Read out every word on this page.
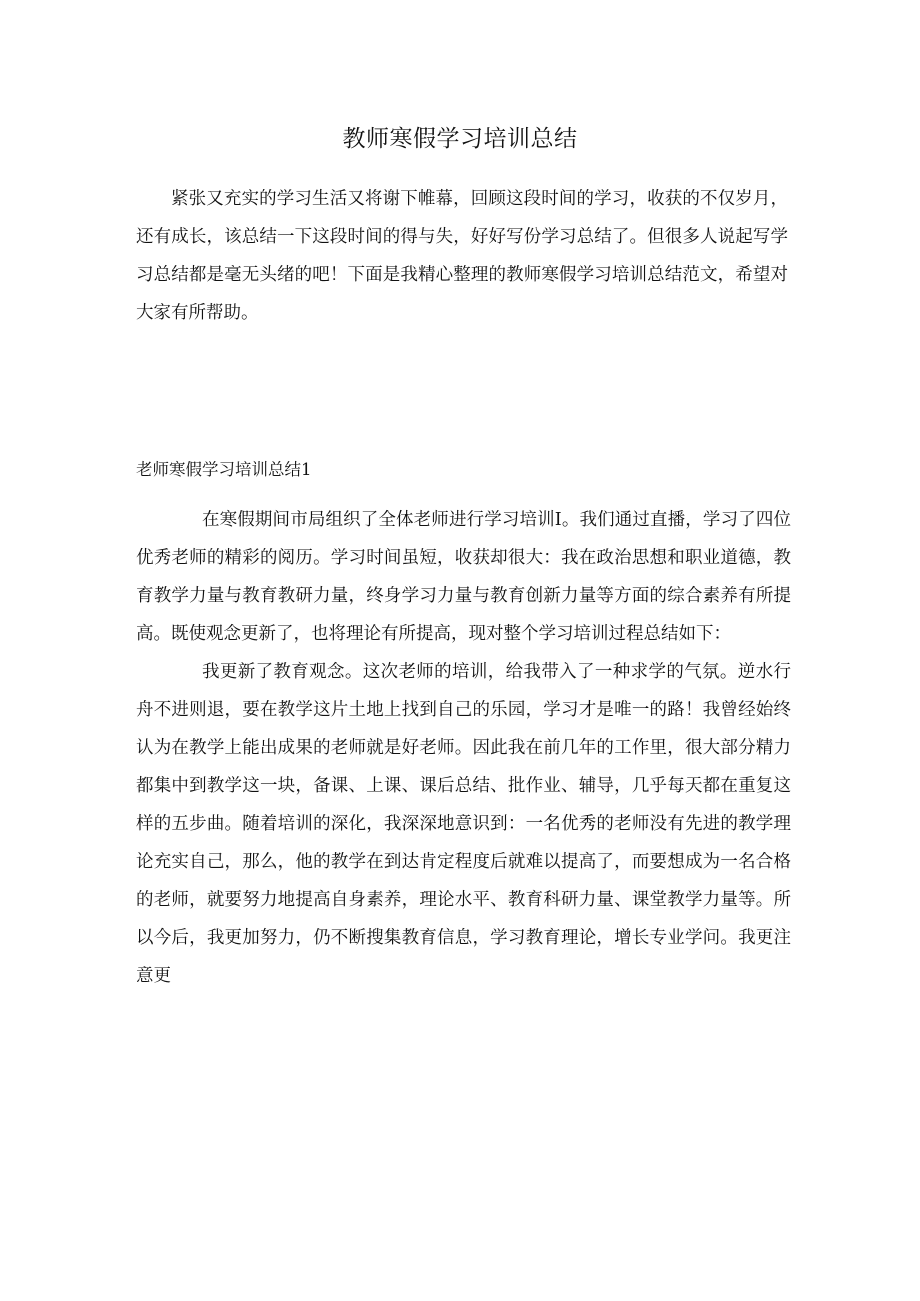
教师寒假学习培训总结

紧张又充实的学习生活又将谢下帷幕，回顾这段时间的学习，收获的不仅岁月，还有成长，该总结一下这段时间的得与失，好好写份学习总结了。但很多人说起写学习总结都是毫无头绪的吧！下面是我精心整理的教师寒假学习培训总结范文，希望对大家有所帮助。

老师寒假学习培训总结1

在寒假期间市局组织了全体老师进行学习培训I。我们通过直播，学习了四位优秀老师的精彩的阅历。学习时间虽短，收获却很大：我在政治思想和职业道德，教育教学力量与教育教研力量，终身学习力量与教育创新力量等方面的综合素养有所提高。既使观念更新了，也将理论有所提高，现对整个学习培训过程总结如下：

我更新了教育观念。这次老师的培训，给我带入了一种求学的气氛。逆水行舟不进则退，要在教学这片土地上找到自己的乐园，学习才是唯一的路！我曾经始终认为在教学上能出成果的老师就是好老师。因此我在前几年的工作里，很大部分精力都集中到教学这一块，备课、上课、课后总结、批作业、辅导，几乎每天都在重复这样的五步曲。随着培训的深化，我深深地意识到：一名优秀的老师没有先进的教学理论充实自己，那么，他的教学在到达肯定程度后就难以提高了，而要想成为一名合格的老师，就要努力地提高自身素养，理论水平、教育科研力量、课堂教学力量等。所以今后，我更加努力，仍不断搜集教育信息，学习教育理论，增长专业学问。我更注意更
